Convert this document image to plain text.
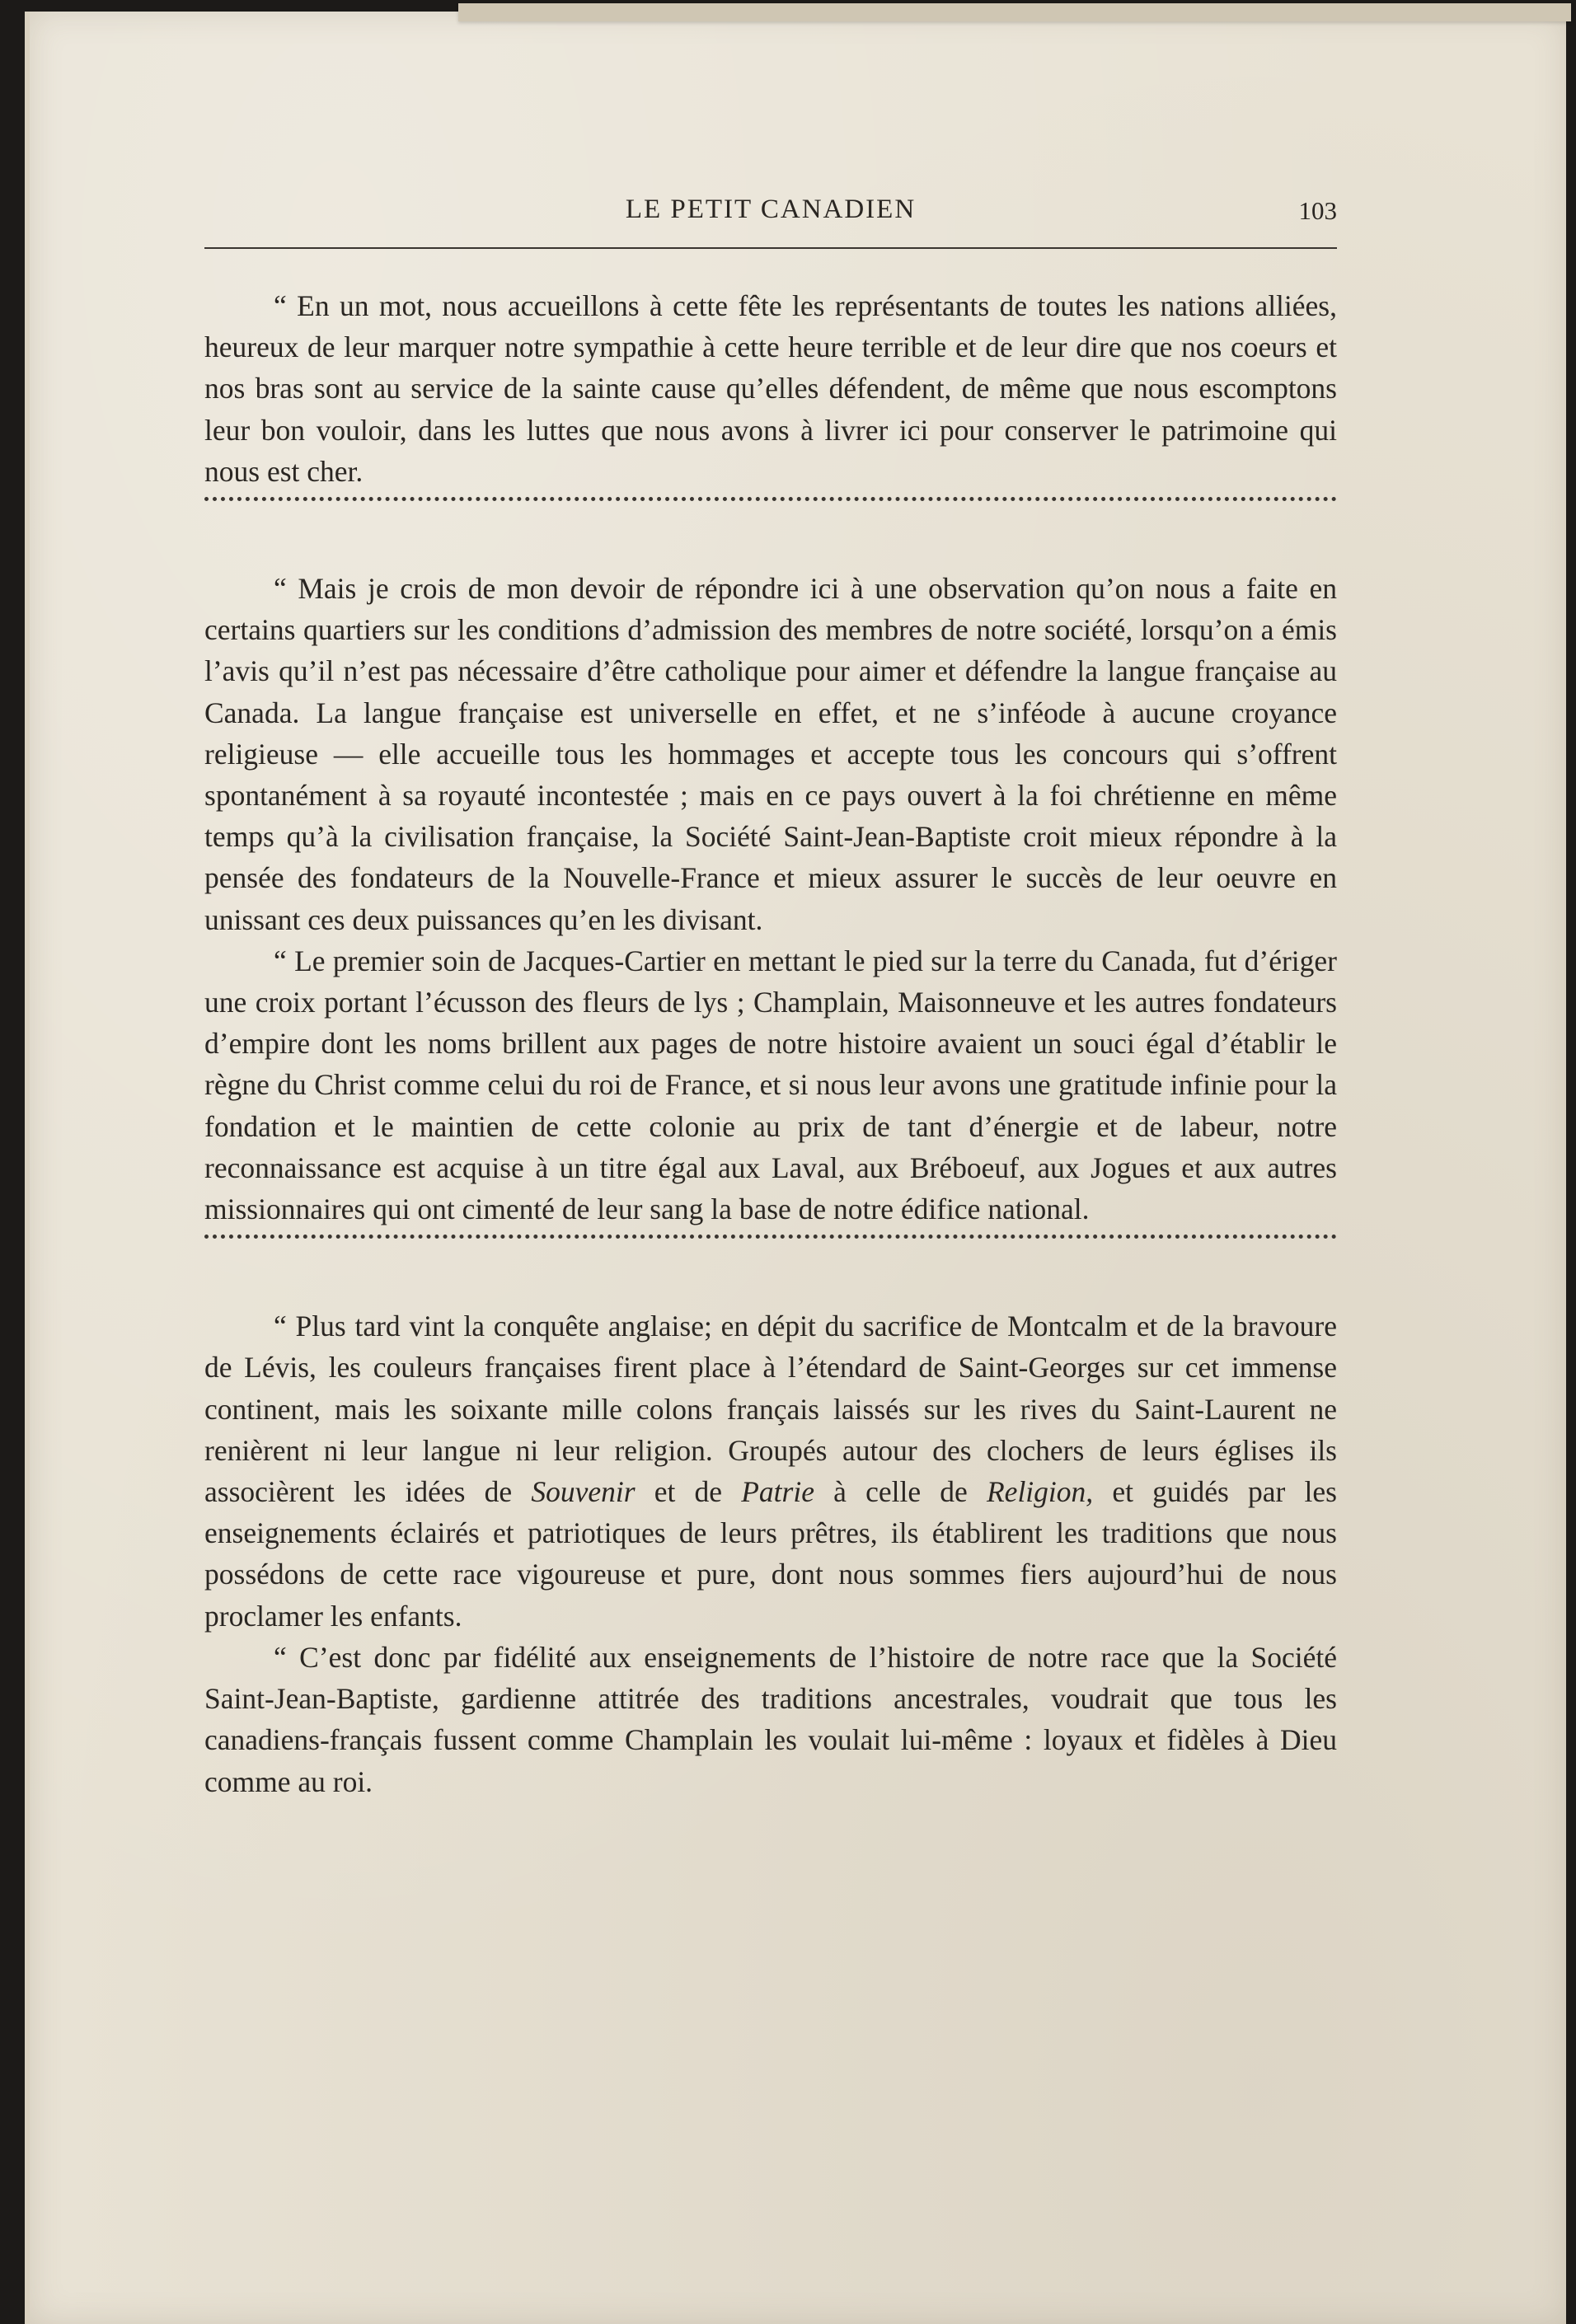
LE PETIT CANADIEN	103

“ En un mot, nous accueillons à cette fête les représentants de toutes les nations alliées, heureux de leur marquer notre sympathie à cette heure terrible et de leur dire que nos coeurs et nos bras sont au service de la sainte cause qu’elles défendent, de même que nous escomptons leur bon vouloir, dans les luttes que nous avons à livrer ici pour conserver le patrimoine qui nous est cher.

“ Mais je crois de mon devoir de répondre ici à une observation qu’on nous a faite en certains quartiers sur les conditions d’admission des membres de notre société, lorsqu’on a émis l’avis qu’il n’est pas nécessaire d’être catholique pour aimer et défendre la langue française au Canada. La langue française est universelle en effet, et ne s’inféode à aucune croyance religieuse — elle accueille tous les hommages et accepte tous les concours qui s’offrent spontanément à sa royauté incontestée ; mais en ce pays ouvert à la foi chrétienne en même temps qu’à la civilisation française, la Société Saint-Jean-Baptiste croit mieux répondre à la pensée des fondateurs de la Nouvelle-France et mieux assurer le succès de leur oeuvre en unissant ces deux puissances qu’en les divisant.

“ Le premier soin de Jacques-Cartier en mettant le pied sur la terre du Canada, fut d’ériger une croix portant l’écusson des fleurs de lys ; Champlain, Maisonneuve et les autres fondateurs d’empire dont les noms brillent aux pages de notre histoire avaient un souci égal d’établir le règne du Christ comme celui du roi de France, et si nous leur avons une gratitude infinie pour la fondation et le maintien de cette colonie au prix de tant d’énergie et de labeur, notre reconnaissance est acquise à un titre égal aux Laval, aux Bréboeuf, aux Jogues et aux autres missionnaires qui ont cimenté de leur sang la base de notre édifice national.

“ Plus tard vint la conquête anglaise; en dépit du sacrifice de Montcalm et de la bravoure de Lévis, les couleurs françaises firent place à l’étendard de Saint-Georges sur cet immense continent, mais les soixante mille colons français laissés sur les rives du Saint-Laurent ne renièrent ni leur langue ni leur religion. Groupés autour des clochers de leurs églises ils associèrent les idées de Souvenir et de Patrie à celle de Religion, et guidés par les enseignements éclairés et patriotiques de leurs prêtres, ils établirent les traditions que nous possédons de cette race vigoureuse et pure, dont nous sommes fiers aujourd’hui de nous proclamer les enfants.

“ C’est donc par fidélité aux enseignements de l’histoire de notre race que la Société Saint-Jean-Baptiste, gardienne attitrée des traditions ancestrales, voudrait que tous les canadiens-français fussent comme Champlain les voulait lui-même : loyaux et fidèles à Dieu comme au roi.
